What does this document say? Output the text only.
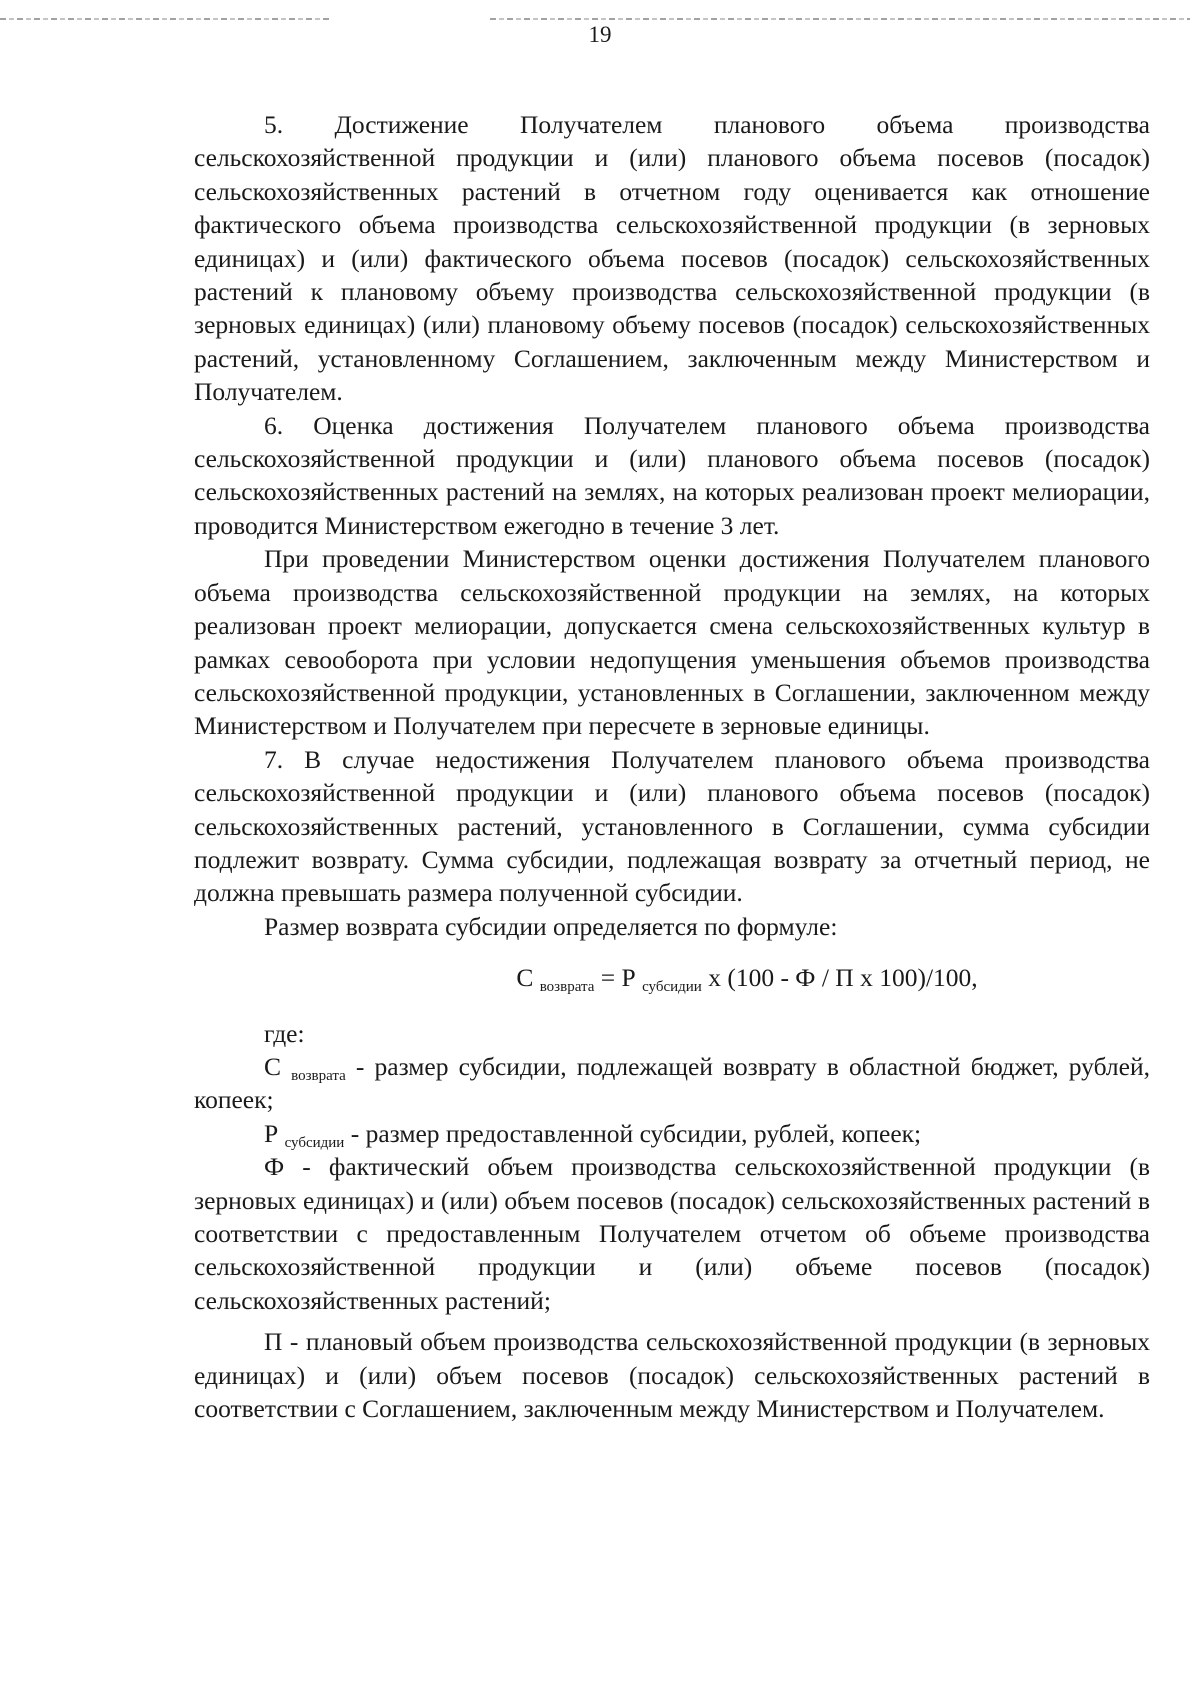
19

5. Достижение Получателем планового объема производства сельскохозяйственной продукции и (или) планового объема посевов (посадок) сельскохозяйственных растений в отчетном году оценивается как отношение фактического объема производства сельскохозяйственной продукции (в зерновых единицах) и (или) фактического объема посевов (посадок) сельскохозяйственных растений к плановому объему производства сельскохозяйственной продукции (в зерновых единицах) (или) плановому объему посевов (посадок) сельскохозяйственных растений, установленному Соглашением, заключенным между Министерством и Получателем.

6. Оценка достижения Получателем планового объема производства сельскохозяйственной продукции и (или) планового объема посевов (посадок) сельскохозяйственных растений на землях, на которых реализован проект мелиорации, проводится Министерством ежегодно в течение 3 лет.

При проведении Министерством оценки достижения Получателем планового объема производства сельскохозяйственной продукции на землях, на которых реализован проект мелиорации, допускается смена сельскохозяйственных культур в рамках севооборота при условии недопущения уменьшения объемов производства сельскохозяйственной продукции, установленных в Соглашении, заключенном между Министерством и Получателем при пересчете в зерновые единицы.

7. В случае недостижения Получателем планового объема производства сельскохозяйственной продукции и (или) планового объема посевов (посадок) сельскохозяйственных растений, установленного в Соглашении, сумма субсидии подлежит возврату. Сумма субсидии, подлежащая возврату за отчетный период, не должна превышать размера полученной субсидии.

Размер возврата субсидии определяется по формуле:

С $_{возврата}$ = Р $_{субсидии}$ х (100 - Ф / П х 100)/100,

где:

С $_{возврата}$ - размер субсидии, подлежащей возврату в областной бюджет, рублей, копеек;

Р $_{субсидии}$ - размер предоставленной субсидии, рублей, копеек;

Ф - фактический объем производства сельскохозяйственной продукции (в зерновых единицах) и (или) объем посевов (посадок) сельскохозяйственных растений в соответствии с предоставленным Получателем отчетом об объеме производства сельскохозяйственной продукции и (или) объеме посевов (посадок) сельскохозяйственных растений;

П - плановый объем производства сельскохозяйственной продукции (в зерновых единицах) и (или) объем посевов (посадок) сельскохозяйственных растений в соответствии с Соглашением, заключенным между Министерством и Получателем.
